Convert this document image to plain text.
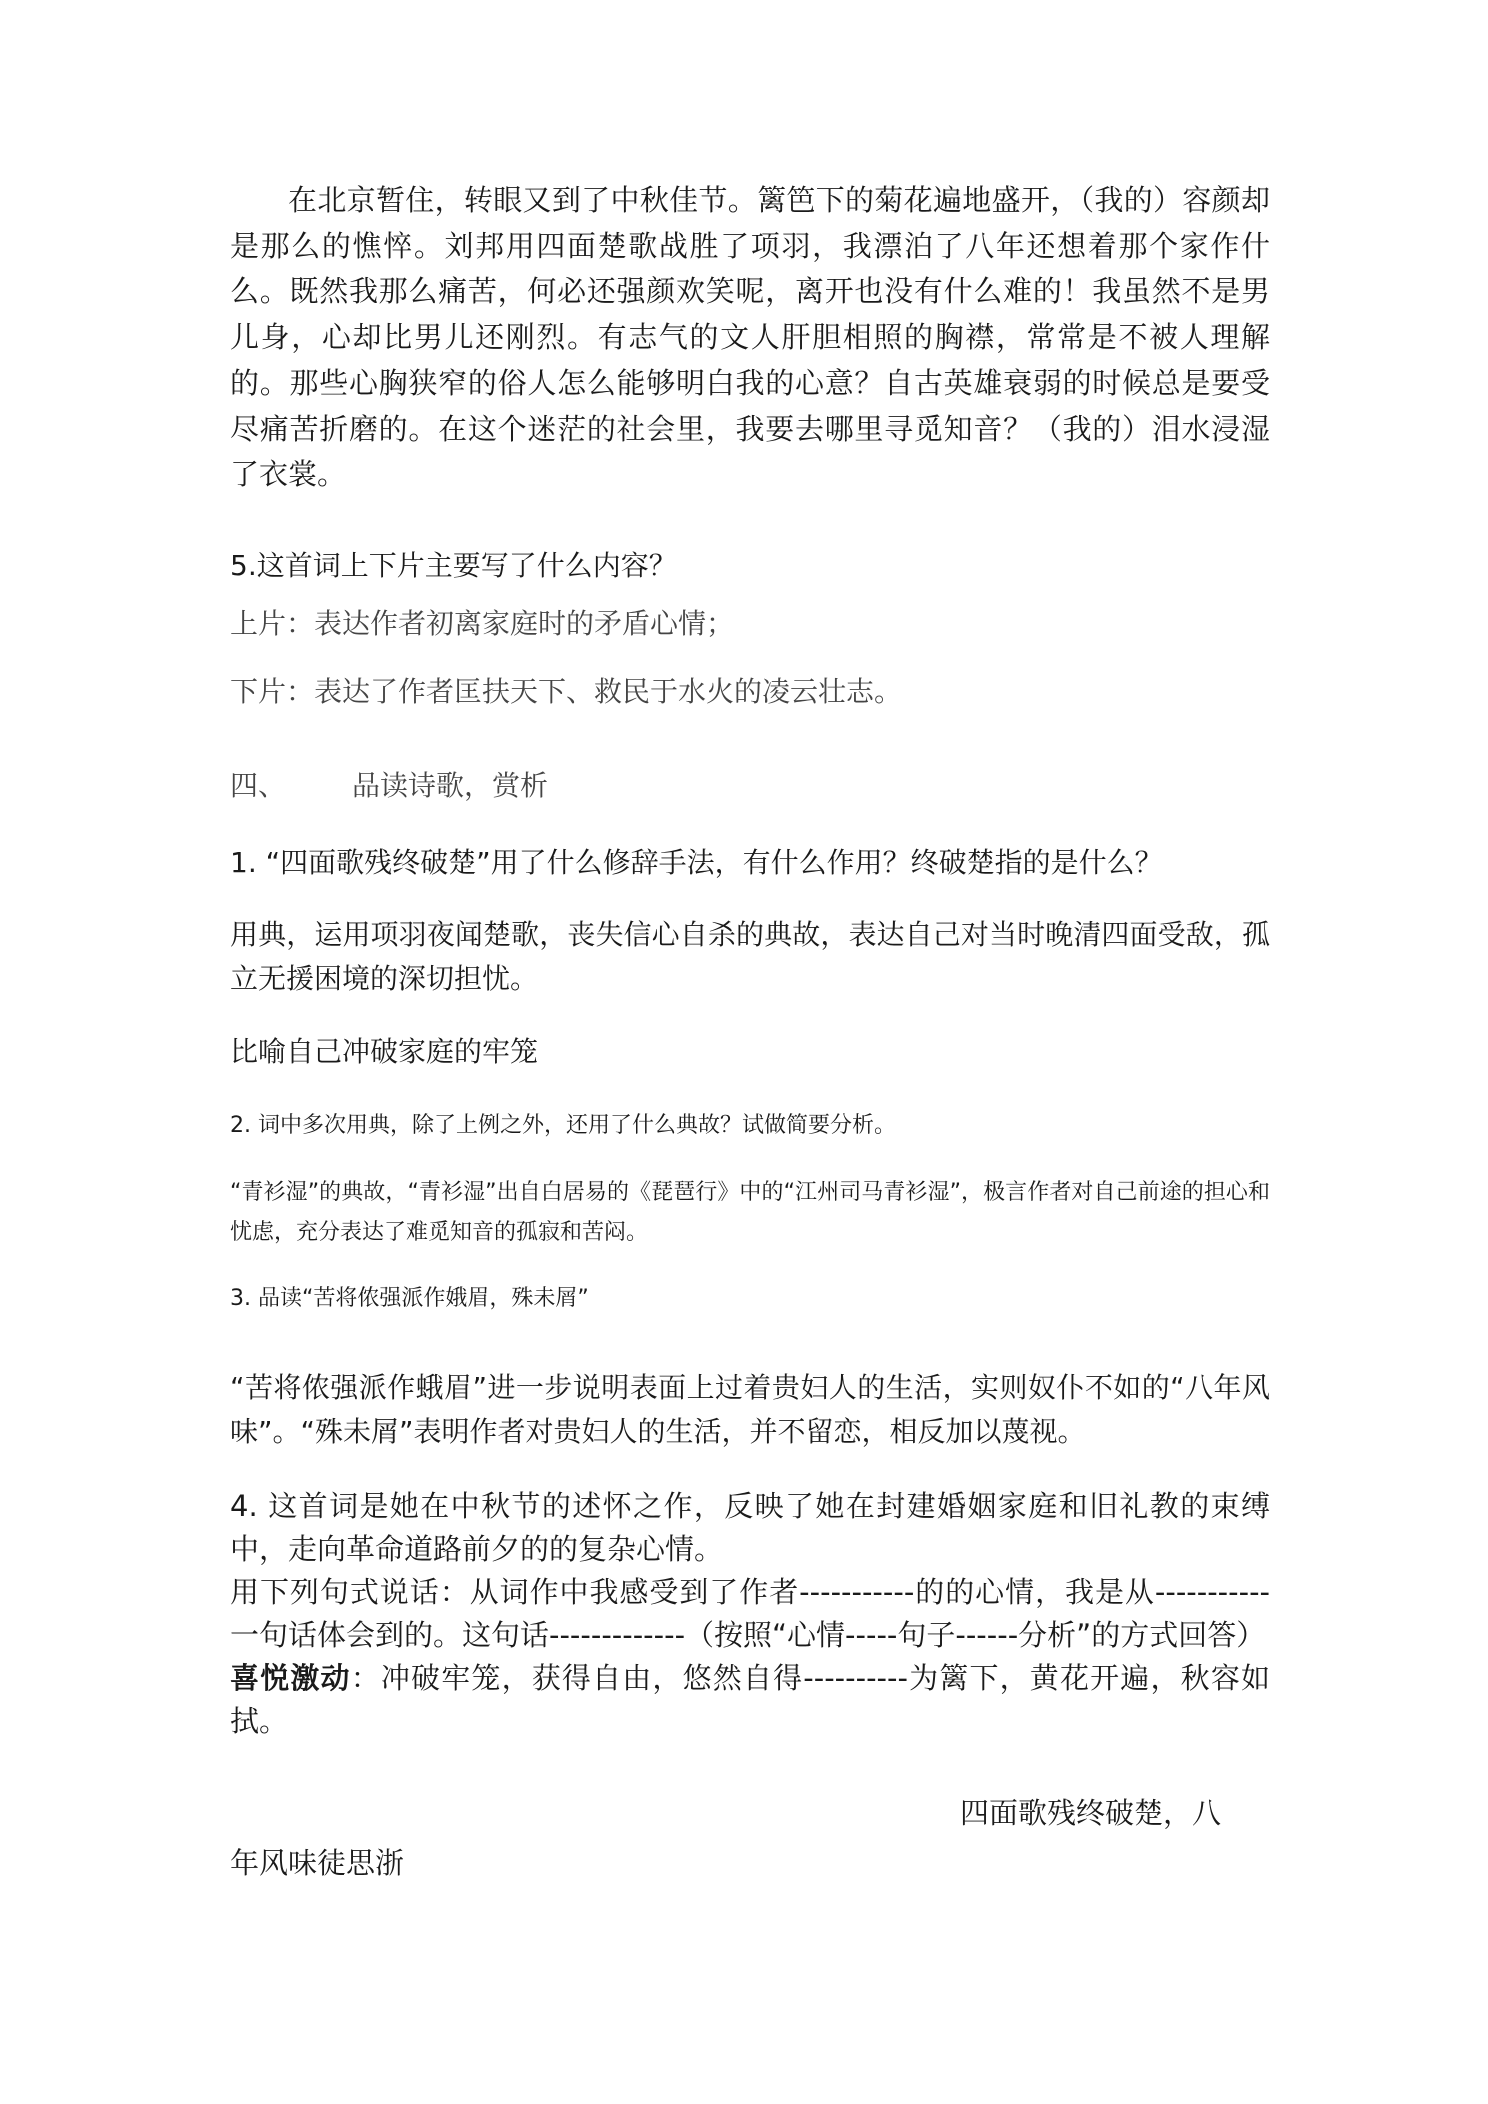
在北京暂住，转眼又到了中秋佳节。篱笆下的菊花遍地盛开，（我的）容颜却是那么的憔悴。刘邦用四面楚歌战胜了项羽，我漂泊了八年还想着那个家作什么。既然我那么痛苦，何必还强颜欢笑呢，离开也没有什么难的！我虽然不是男儿身，心却比男儿还刚烈。有志气的文人肝胆相照的胸襟，常常是不被人理解的。那些心胸狭窄的俗人怎么能够明白我的心意？自古英雄衰弱的时候总是要受尽痛苦折磨的。在这个迷茫的社会里，我要去哪里寻觅知音？（我的）泪水浸湿了衣裳。

5.这首词上下片主要写了什么内容？

上片：表达作者初离家庭时的矛盾心情；

下片：表达了作者匡扶天下、救民于水火的凌云壮志。

四、 品读诗歌，赏析

1. “四面歌残终破楚”用了什么修辞手法，有什么作用？终破楚指的是什么？

用典，运用项羽夜闻楚歌，丧失信心自杀的典故，表达自己对当时晚清四面受敌，孤立无援困境的深切担忧。

比喻自己冲破家庭的牢笼

2. 词中多次用典，除了上例之外，还用了什么典故？试做简要分析。

“青衫湿”的典故，“青衫湿”出自白居易的《琵琶行》中的“江州司马青衫湿”，极言作者对自己前途的担心和忧虑，充分表达了难觅知音的孤寂和苦闷。

3. 品读“苦将侬强派作娥眉，殊未屑”

“苦将侬强派作蛾眉”进一步说明表面上过着贵妇人的生活，实则奴仆不如的“八年风味”。“殊未屑”表明作者对贵妇人的生活，并不留恋，相反加以蔑视。

4. 这首词是她在中秋节的述怀之作，反映了她在封建婚姻家庭和旧礼教的束缚中，走向革命道路前夕的的复杂心情。
用下列句式说话：从词作中我感受到了作者-----------的的心情，我是从-----------一句话体会到的。这句话-------------（按照“心情-----句子------分析”的方式回答）
喜悦激动：冲破牢笼，获得自由，悠然自得----------为篱下，黄花开遍，秋容如拭。
四面歌残终破楚，八
年风味徒思浙
